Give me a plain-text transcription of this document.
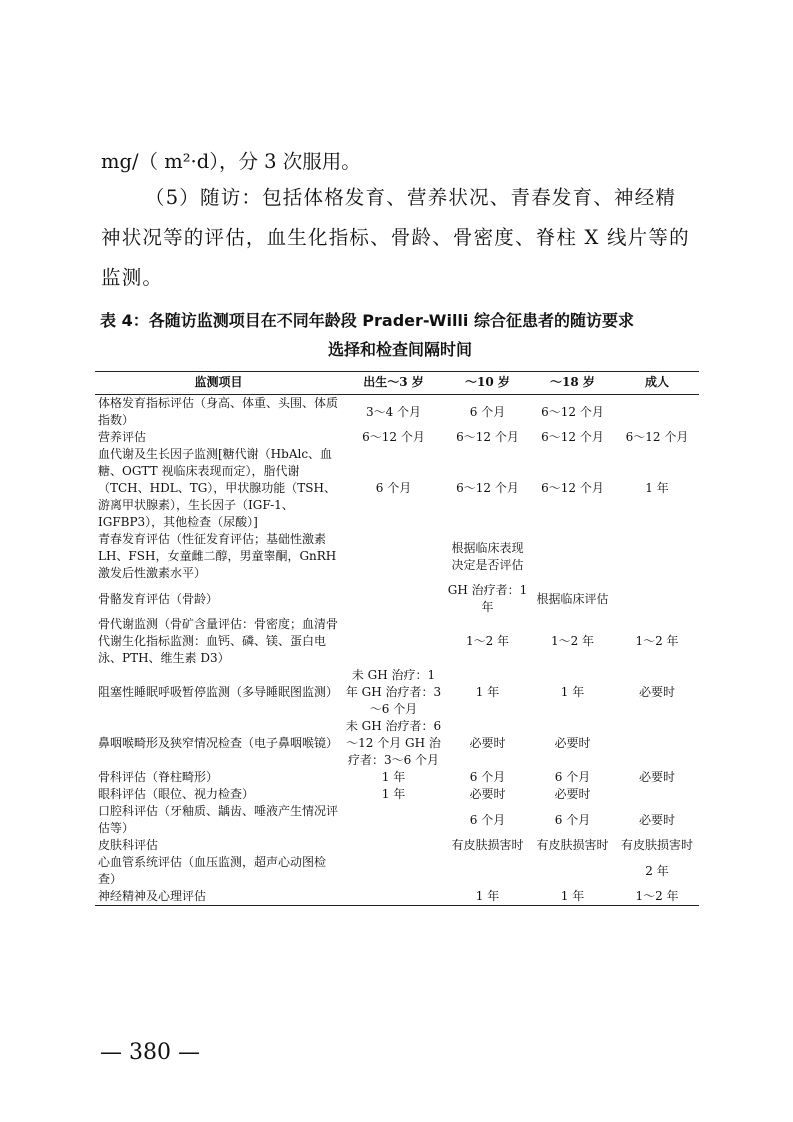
mg/（ m²·d），分 3 次服用。
（5）随访：包括体格发育、营养状况、青春发育、神经精神状况等的评估，血生化指标、骨龄、骨密度、脊柱 X 线片等的监测。
表 4：各随访监测项目在不同年龄段 Prader-Willi 综合征患者的随访要求
选择和检查间隔时间
监测项目	出生～3 岁	～10 岁	～18 岁	成人
体格发育指标评估（身高、体重、头围、体质指数）	3～4 个月	6 个月	6～12 个月	
营养评估	6～12 个月	6～12 个月	6～12 个月	6～12 个月
血代谢及生长因子监测[糖代谢（HbAlc、血糖、OGTT 视临床表现而定），脂代谢（TCH、HDL、TG），甲状腺功能（TSH、游离甲状腺素），生长因子（IGF-1、IGFBP3），其他检查（尿酸）]	6 个月	6～12 个月	6～12 个月	1 年
青春发育评估（性征发育评估；基础性激素 LH、FSH，女童雌二醇，男童睾酮，GnRH 激发后性激素水平）		根据临床表现决定是否评估		
骨骼发育评估（骨龄）		GH 治疗者：1 年	根据临床评估	
骨代谢监测（骨矿含量评估：骨密度；血清骨代谢生化指标监测：血钙、磷、镁、蛋白电泳、PTH、维生素 D3）		1～2 年	1～2 年	1～2 年
阻塞性睡眠呼吸暂停监测（多导睡眠图监测）	未 GH 治疗：1 年 GH 治疗者：3～6 个月	1 年	1 年	必要时
鼻咽喉畸形及狭窄情况检查（电子鼻咽喉镜）	未 GH 治疗者：6～12 个月 GH 治疗者：3～6 个月	必要时	必要时	
骨科评估（脊柱畸形）	1 年	6 个月	6 个月	必要时
眼科评估（眼位、视力检查）	1 年	必要时	必要时	
口腔科评估（牙釉质、龋齿、唾液产生情况评估等）		6 个月	6 个月	必要时
皮肤科评估		有皮肤损害时	有皮肤损害时	有皮肤损害时
心血管系统评估（血压监测，超声心动图检查）				2 年
神经精神及心理评估		1 年	1 年	1～2 年
— 380 —
